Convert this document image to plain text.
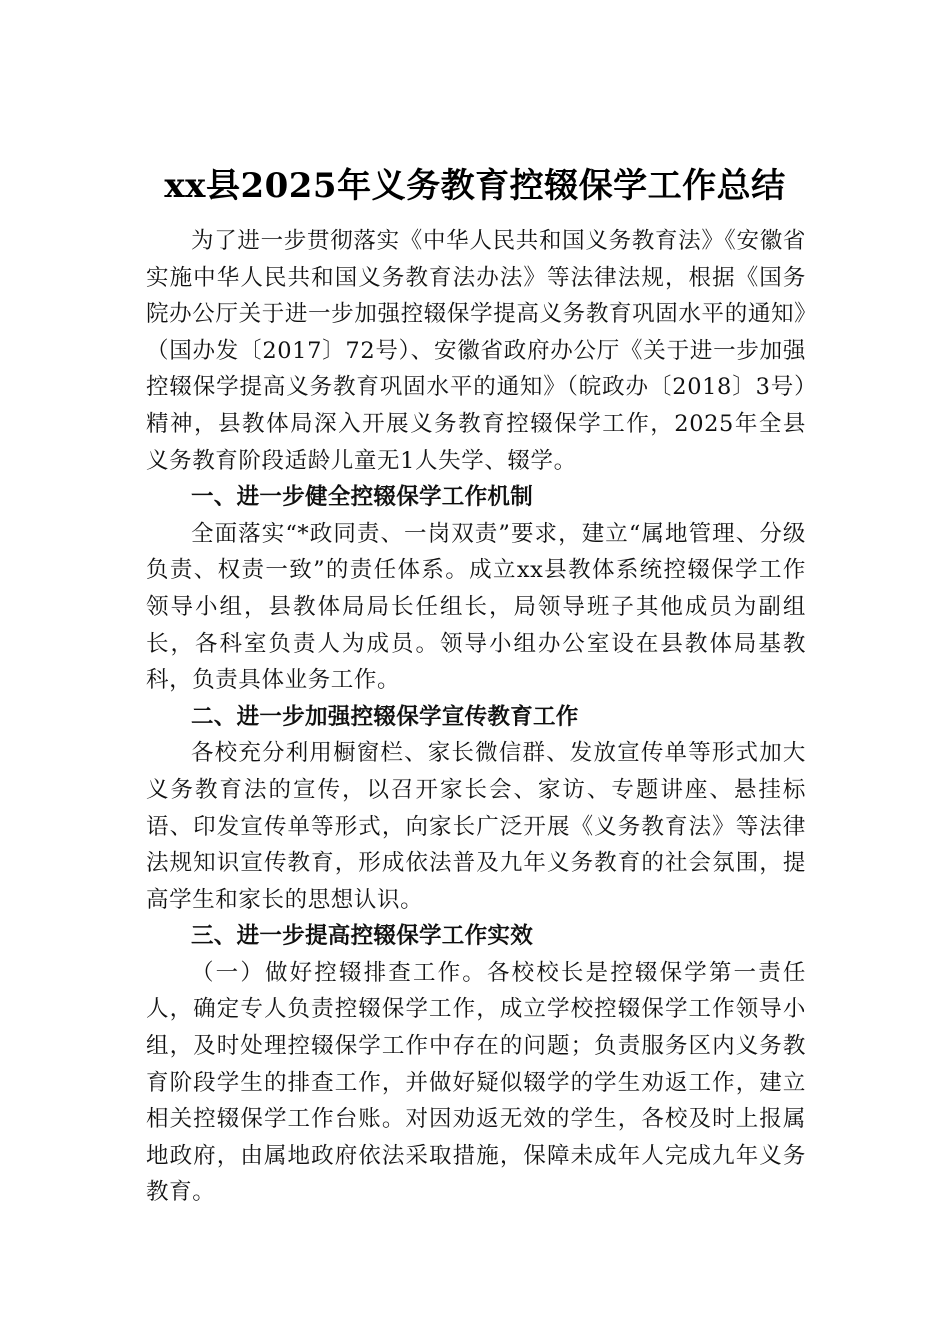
xx县2025年义务教育控辍保学工作总结

为了进一步贯彻落实《中华人民共和国义务教育法》《安徽省实施中华人民共和国义务教育法办法》等法律法规，根据《国务院办公厅关于进一步加强控辍保学提高义务教育巩固水平的通知》（国办发〔2017〕72号）、安徽省政府办公厅《关于进一步加强控辍保学提高义务教育巩固水平的通知》（皖政办〔2018〕3号）精神，县教体局深入开展义务教育控辍保学工作，2025年全县义务教育阶段适龄儿童无1人失学、辍学。

一、进一步健全控辍保学工作机制

全面落实“*政同责、一岗双责”要求，建立“属地管理、分级负责、权责一致”的责任体系。成立xx县教体系统控辍保学工作领导小组，县教体局局长任组长，局领导班子其他成员为副组长，各科室负责人为成员。领导小组办公室设在县教体局基教科，负责具体业务工作。

二、进一步加强控辍保学宣传教育工作

各校充分利用橱窗栏、家长微信群、发放宣传单等形式加大义务教育法的宣传，以召开家长会、家访、专题讲座、悬挂标语、印发宣传单等形式，向家长广泛开展《义务教育法》等法律法规知识宣传教育，形成依法普及九年义务教育的社会氛围，提高学生和家长的思想认识。

三、进一步提高控辍保学工作实效

（一）做好控辍排查工作。各校校长是控辍保学第一责任人，确定专人负责控辍保学工作，成立学校控辍保学工作领导小组，及时处理控辍保学工作中存在的问题；负责服务区内义务教育阶段学生的排查工作，并做好疑似辍学的学生劝返工作，建立相关控辍保学工作台账。对因劝返无效的学生，各校及时上报属地政府，由属地政府依法采取措施，保障未成年人完成九年义务教育。
